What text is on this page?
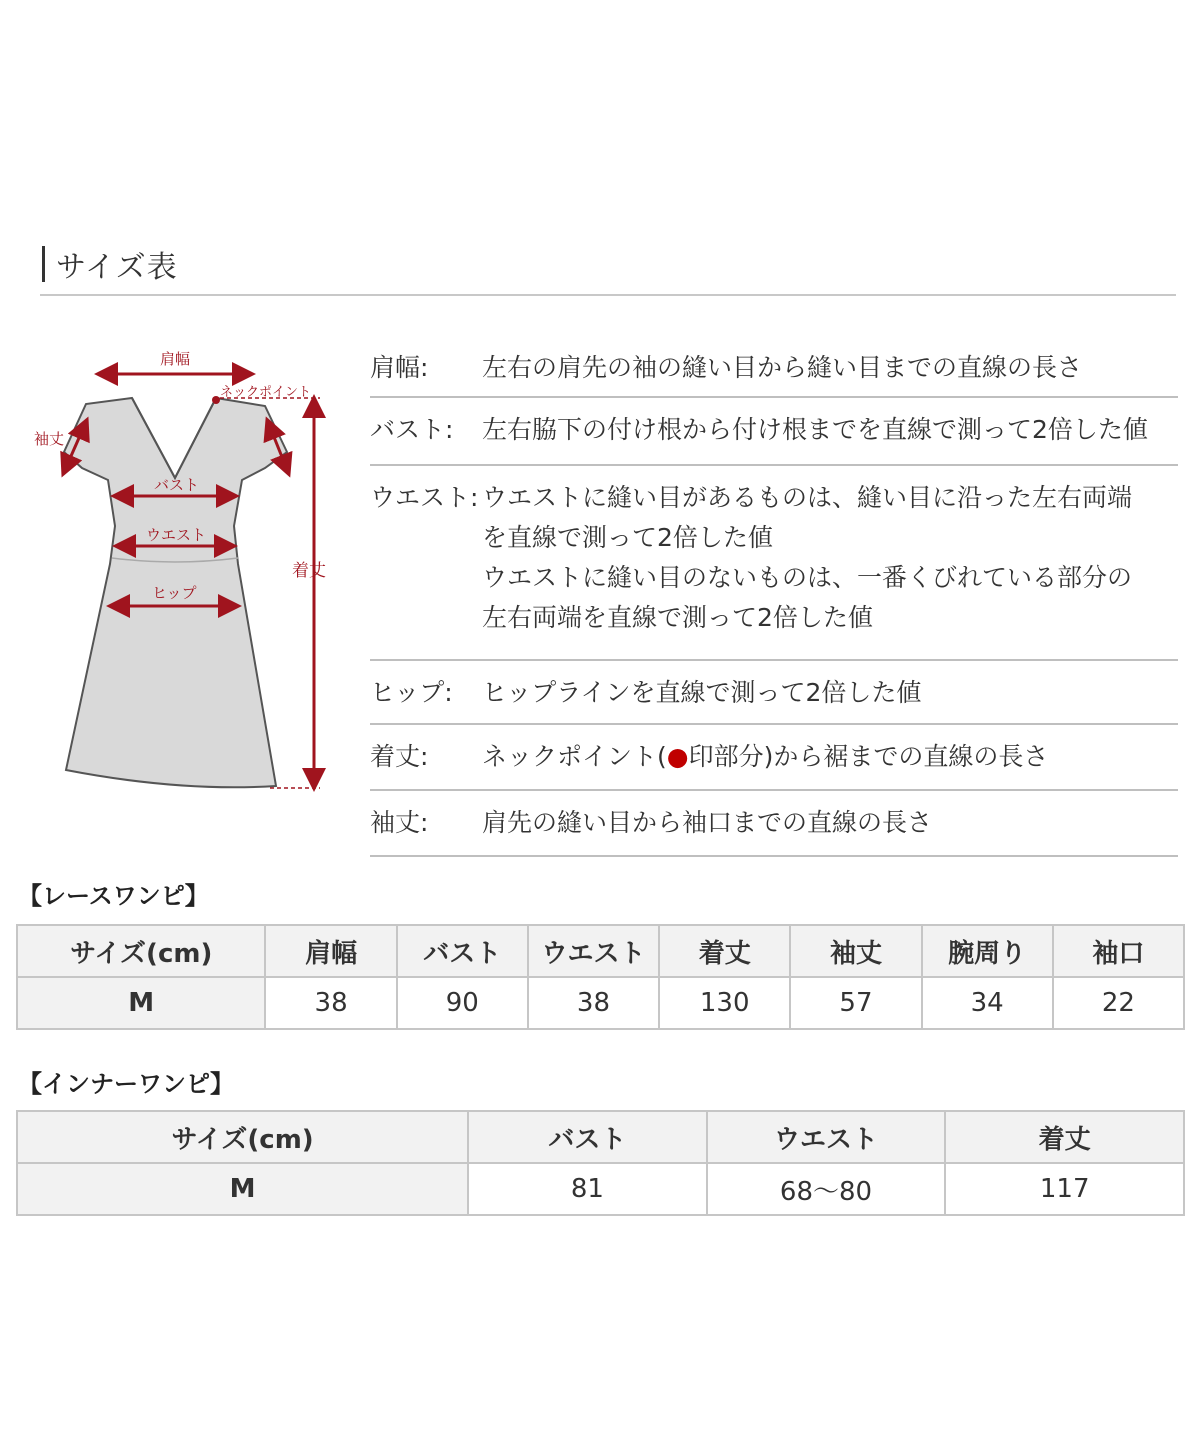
サイズ表
肩幅
ネックポイント
袖丈
バスト
ウエスト
ヒップ
着丈
肩幅:	左右の肩先の袖の縫い目から縫い目までの直線の長さ
バスト:	左右脇下の付け根から付け根までを直線で測って2倍した値
ウエスト: ウエストに縫い目があるものは、縫い目に沿った左右両端
を直線で測って2倍した値
ウエストに縫い目のないものは、一番くびれている部分の
左右両端を直線で測って2倍した値
ヒップ:	ヒップラインを直線で測って2倍した値
着丈:	ネックポイント(●印部分)から裾までの直線の長さ
袖丈:	肩先の縫い目から袖口までの直線の長さ
【レースワンピ】
サイズ(cm)	肩幅	バスト	ウエスト	着丈	袖丈	腕周り	袖口
M	38	90	38	130	57	34	22
【インナーワンピ】
サイズ(cm)	バスト	ウエスト	着丈
M	81	68〜80	117
